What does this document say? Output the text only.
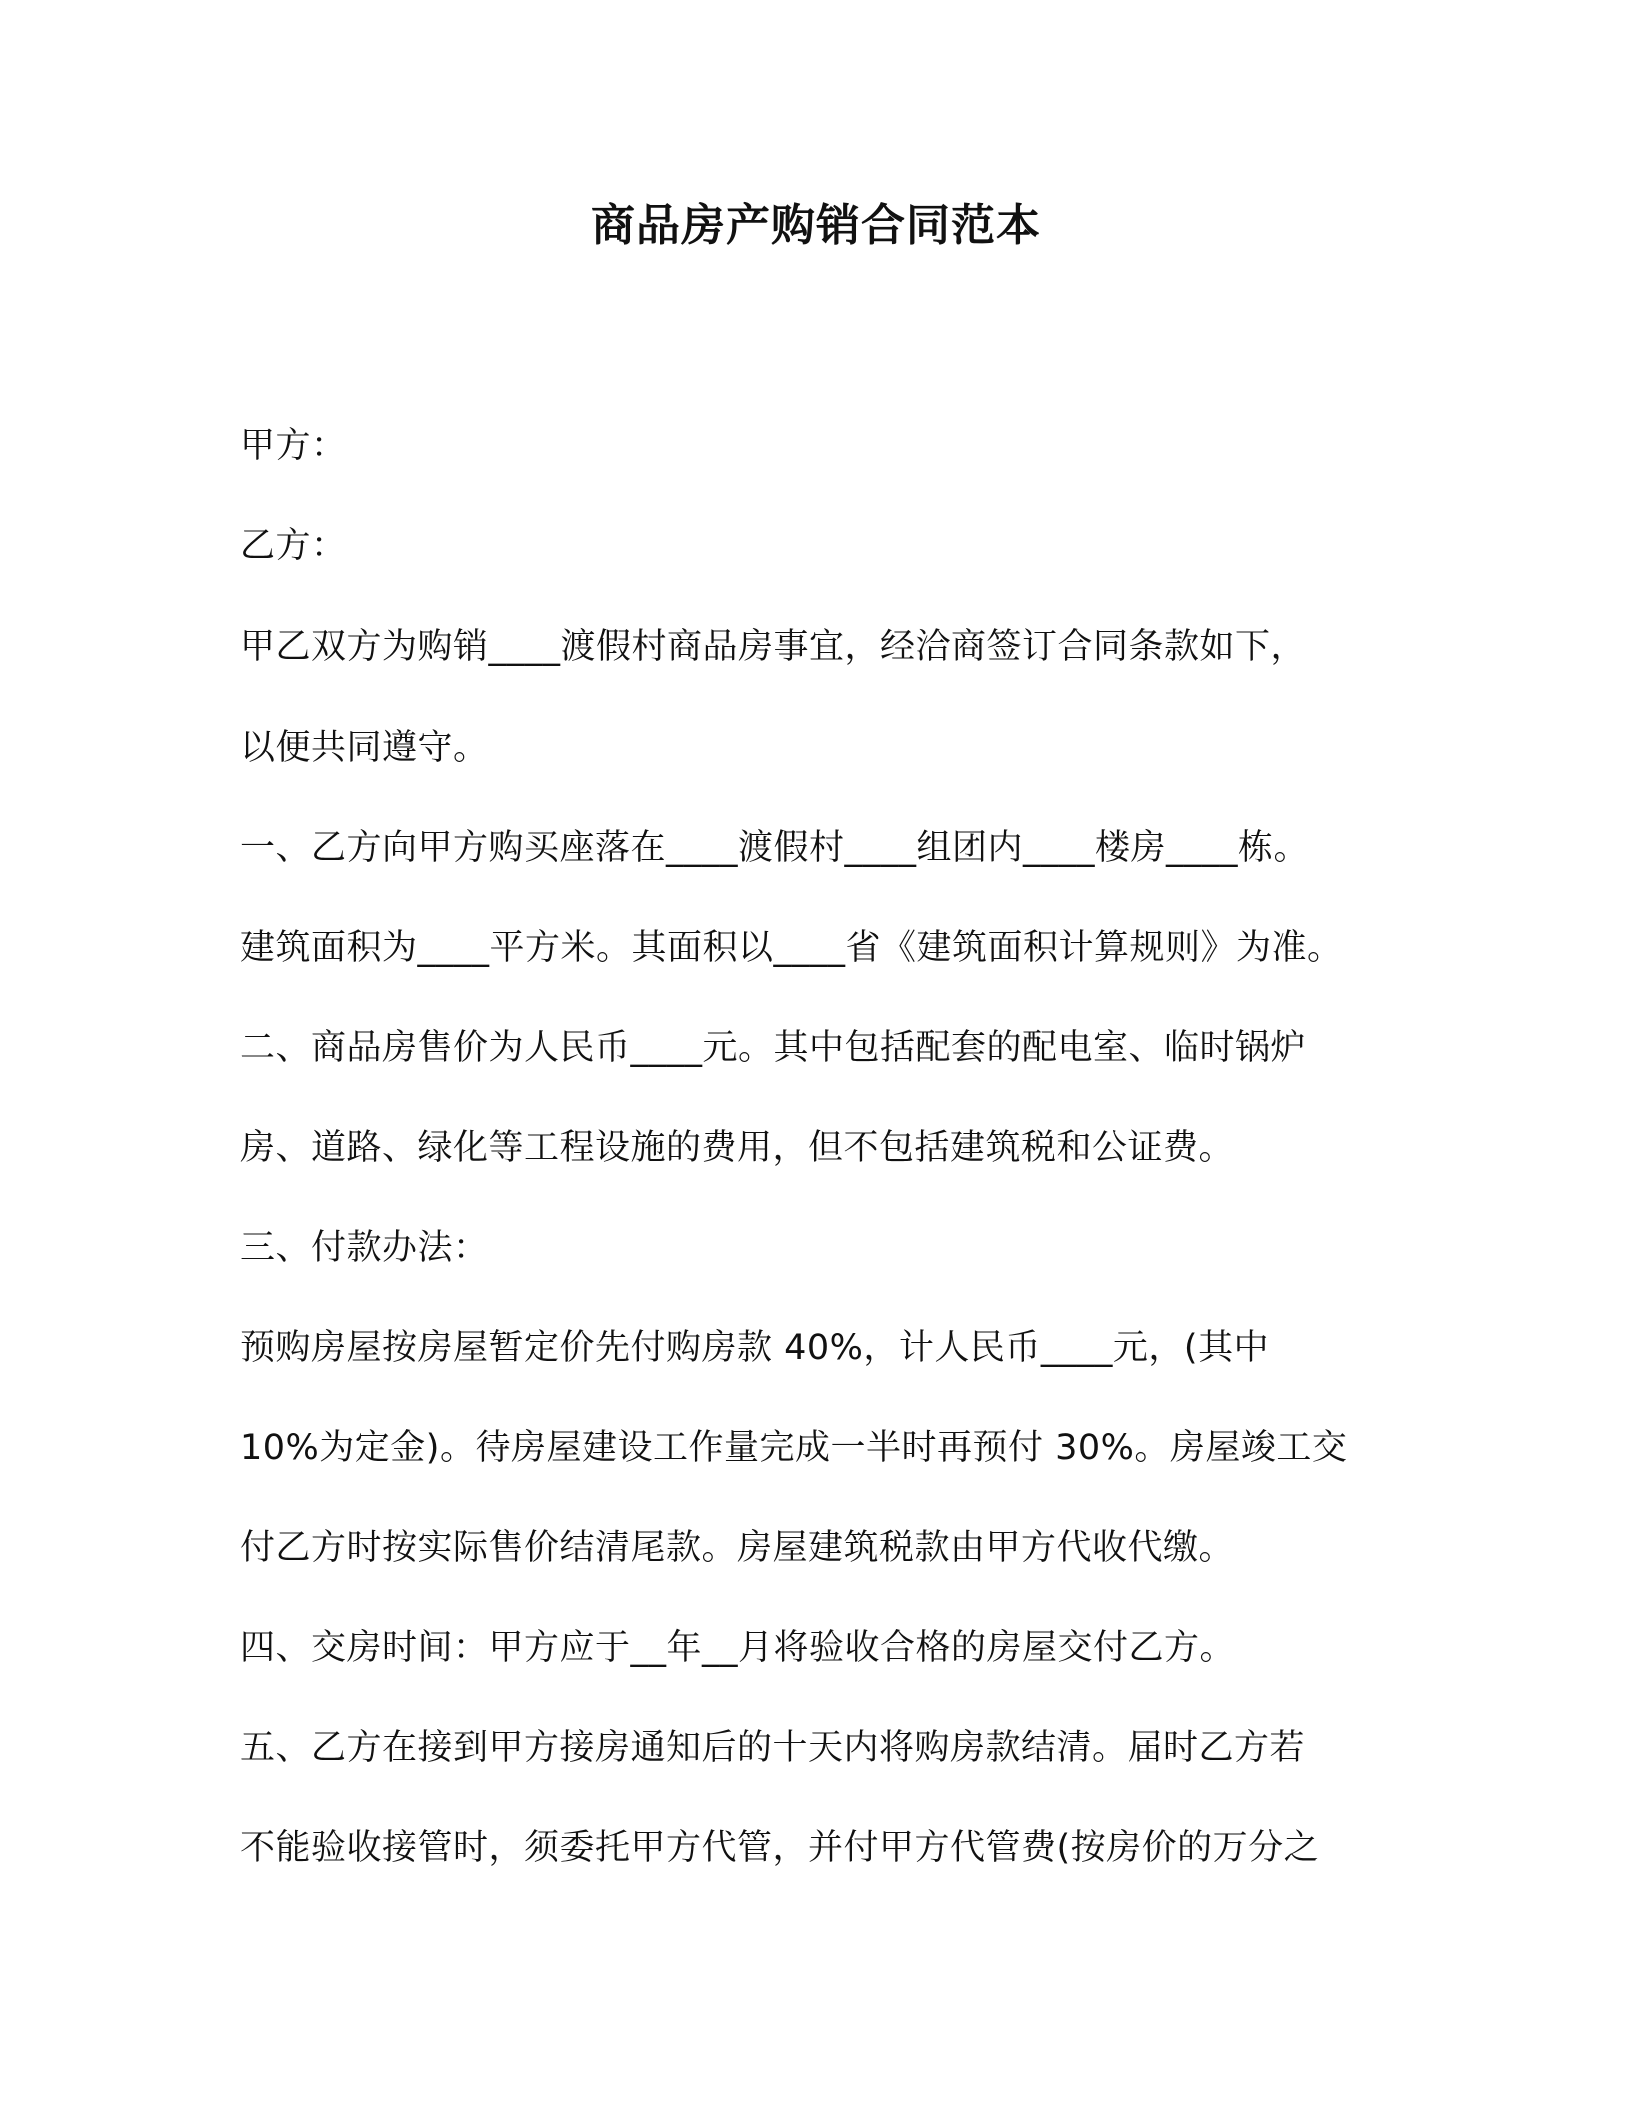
商品房产购销合同范本
甲方：
乙方：
甲乙双方为购销____渡假村商品房事宜，经洽商签订合同条款如下，
以便共同遵守。
一、乙方向甲方购买座落在____渡假村____组团内____楼房____栋。
建筑面积为____平方米。其面积以____省《建筑面积计算规则》为准。
二、商品房售价为人民币____元。其中包括配套的配电室、临时锅炉
房、道路、绿化等工程设施的费用，但不包括建筑税和公证费。
三、付款办法：
预购房屋按房屋暂定价先付购房款 40%，计人民币____元，(其中
10%为定金)。待房屋建设工作量完成一半时再预付 30%。房屋竣工交
付乙方时按实际售价结清尾款。房屋建筑税款由甲方代收代缴。
四、交房时间：甲方应于__年__月将验收合格的房屋交付乙方。
五、乙方在接到甲方接房通知后的十天内将购房款结清。届时乙方若
不能验收接管时，须委托甲方代管，并付甲方代管费(按房价的万分之
